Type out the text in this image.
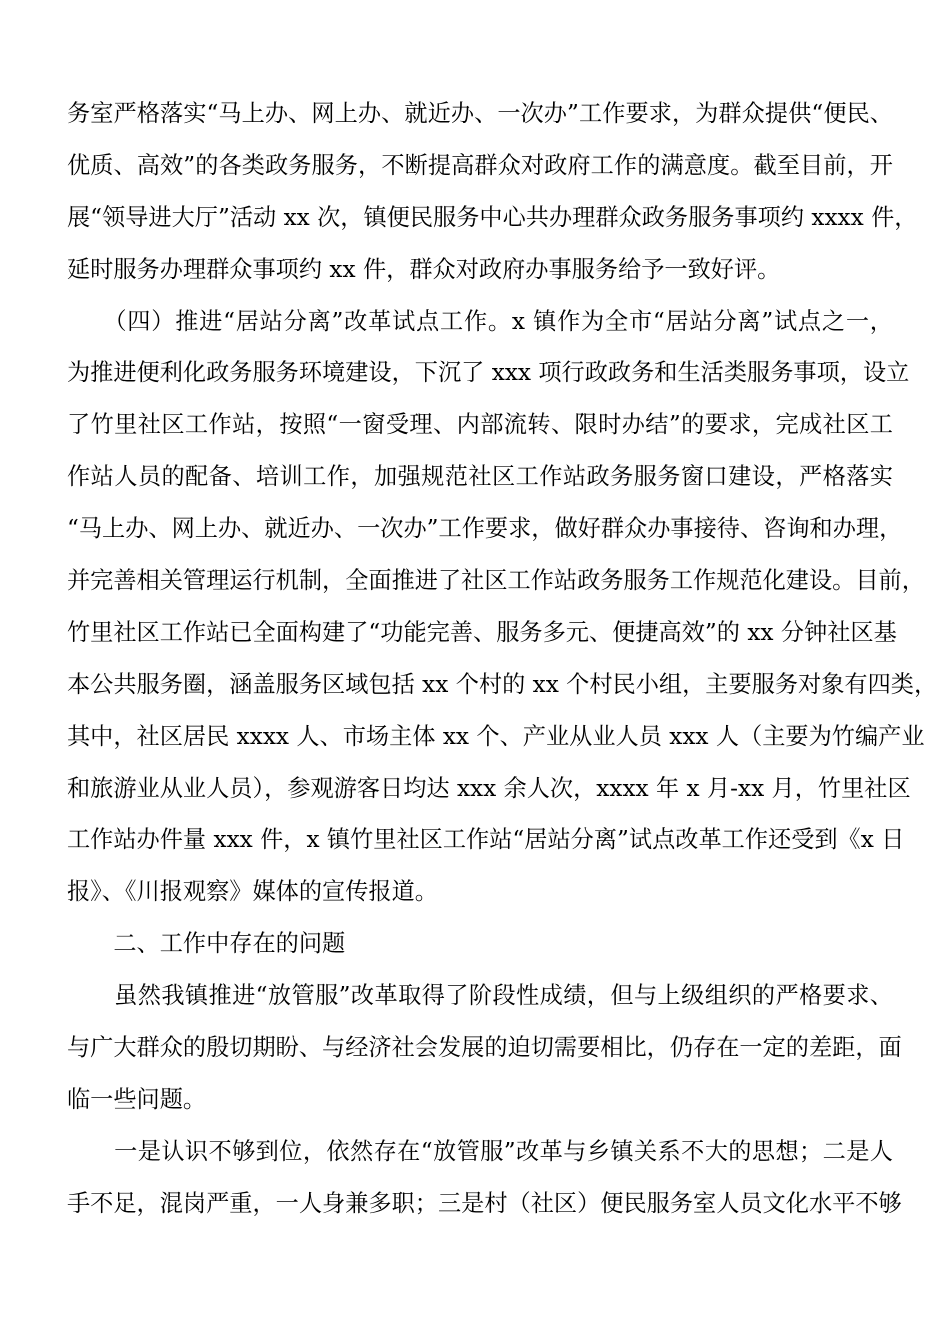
务室严格落实“马上办、网上办、就近办、一次办”工作要求，为群众提供“便民、
优质、高效”的各类政务服务，不断提高群众对政府工作的满意度。截至目前，开
展“领导进大厅”活动 xx 次，镇便民服务中心共办理群众政务服务事项约 xxxx 件，
延时服务办理群众事项约 xx 件，群众对政府办事服务给予一致好评。
　　（四）推进“居站分离”改革试点工作。x 镇作为全市“居站分离”试点之一，
为推进便利化政务服务环境建设，下沉了 xxx 项行政政务和生活类服务事项，设立
了竹里社区工作站，按照“一窗受理、内部流转、限时办结”的要求，完成社区工
作站人员的配备、培训工作，加强规范社区工作站政务服务窗口建设，严格落实
“马上办、网上办、就近办、一次办”工作要求，做好群众办事接待、咨询和办理，
并完善相关管理运行机制，全面推进了社区工作站政务服务工作规范化建设。目前，
竹里社区工作站已全面构建了“功能完善、服务多元、便捷高效”的 xx 分钟社区基
本公共服务圈，涵盖服务区域包括 xx 个村的 xx 个村民小组，主要服务对象有四类，
其中，社区居民 xxxx 人、市场主体 xx 个、产业从业人员 xxx 人（主要为竹编产业
和旅游业从业人员），参观游客日均达 xxx 余人次，xxxx 年 x 月-xx 月，竹里社区
工作站办件量 xxx 件，x 镇竹里社区工作站“居站分离”试点改革工作还受到《x 日
报》、《川报观察》媒体的宣传报道。
　　二、工作中存在的问题
　　虽然我镇推进“放管服”改革取得了阶段性成绩，但与上级组织的严格要求、
与广大群众的殷切期盼、与经济社会发展的迫切需要相比，仍存在一定的差距，面
临一些问题。
　　一是认识不够到位，依然存在“放管服”改革与乡镇关系不大的思想；二是人
手不足，混岗严重，一人身兼多职；三是村（社区）便民服务室人员文化水平不够
